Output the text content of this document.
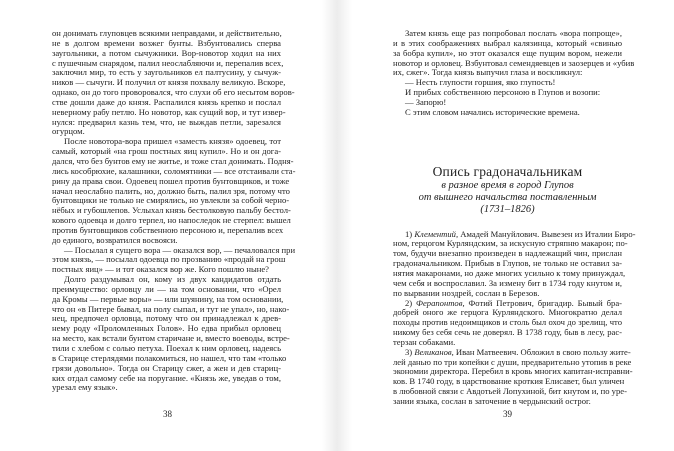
он донимать глуповцев всякими неправдами, и действительно,
не в долгом времени возжег бунты. Взбунтовались сперва
заугольники, а потом сычужники. Вор-новотор ходил на них
с пушечным снарядом, палил неослабляючи и, перепалив всех,
заключил мир, то есть у заугольников ел палтусину, у сычуж-
ников — сычуги. И получил от князя похвалу великую. Вскоре,
однако, он до того проворовался, что слухи об его несытом воров-
стве дошли даже до князя. Распалился князь крепко и послал
неверному рабу петлю. Но новотор, как сущий вор, и тут извер-
нулся: предварил казнь тем, что, не выждав петли, зарезался
огурцом.
После новотора-вора пришел «заместь князя» одоевец, тот
самый, который «на грош постных яиц купил». Но и он дога-
дался, что без бунтов ему не житье, и тоже стал донимать. Подня-
лись кособрюхие, калашники, соломятники — все отстаивали ста-
рину да права свои. Одоевец пошел против бунтовщиков, и тоже
начал неослабно палить, но, должно быть, палил зря, потому что
бунтовщики не только не смирялись, но увлекли за собой черно-
нёбых и губошлепов. Услыхал князь бестолковую пальбу бестол-
кового одоевца и долго терпел, но напоследок не стерпел: вышел
против бунтовщиков собственною персоною и, перепалив всех
до единого, возвратился восвояси.
— Посылал я сущего вора — оказался вор, — печаловался при
этом князь, — посылал одоевца по прозванию «продай на грош
постных яиц» — и тот оказался вор же. Кого пошлю ныне?
Долго раздумывал он, кому из двух кандидатов отдать
преимущество: орловцу ли — на том основании, что «Орел
да Кромы — первые воры» — или шуянину, на том основании,
что он «в Питере бывал, на полу сыпал, и тут не упал», но, нако-
нец, предпочел орловца, потому что он принадлежал к древ-
нему роду «Проломленных Голов». Но едва прибыл орловец
на место, как встали бунтом старичане и, вместо воеводы, встре-
тили с хлебом с солью петуха. Поехал к ним орловец, надеясь
в Старице стерлядями полакомиться, но нашел, что там «только
грязи довольно». Тогда он Старицу сжег, а жен и дев стариц-
ких отдал самому себе на поругание. «Князь же, уведав о том,
урезал ему язык».
38
Затем князь еще раз попробовал послать «вора попроще»,
и в этих соображениях выбрал калязинца, который «свинью
за бобра купил», но этот оказался еще пущим вором, нежели
новотор и орловец. Взбунтовал семендяевцев и заозерцев и «убив
их, сжег». Тогда князь выпучил глаза и воскликнул:
— Несть глупости горшия, яко глупость!
И прибых собственною персоною в Глупов и возопи:
— Запорю!
С этим словом начались исторические времена.
Опись градоначальникам
в разное время в город Глупов
от вышнего начальства поставленным
(1731–1826)
1) Клементий, Амадей Мануйлович. Вывезен из Италии Биро-
ном, герцогом Курляндским, за искусную стряпню макарон; по-
том, будучи внезапно произведен в надлежащий чин, прислан
градоначальником. Прибыв в Глупов, не только не оставил за-
нятия макаронами, но даже многих усильно к тому принуждал,
чем себя и воспрославил. За измену бит в 1734 году кнутом и,
по вырвании ноздрей, сослан в Березов.
2) Ферапонтов, Фотий Петрович, бригадир. Бывый бра-
добрей оного же герцога Курляндского. Многократно делал
походы против недоимщиков и столь был охоч до зрелищ, что
никому без себя сечь не доверял. В 1738 году, быв в лесу, рас-
терзан собаками.
3) Великанов, Иван Матвеевич. Обложил в свою пользу жите-
лей данью по три копейки с души, предварительно утопив в реке
экономии директора. Перебил в кровь многих капитан-исправни-
ков. В 1740 году, в царствование кроткия Елисавет, был уличен
в любовной связи с Авдотьей Лопухиной, бит кнутом и, по уре-
зании языка, сослан в заточение в чердынский острог.
39
